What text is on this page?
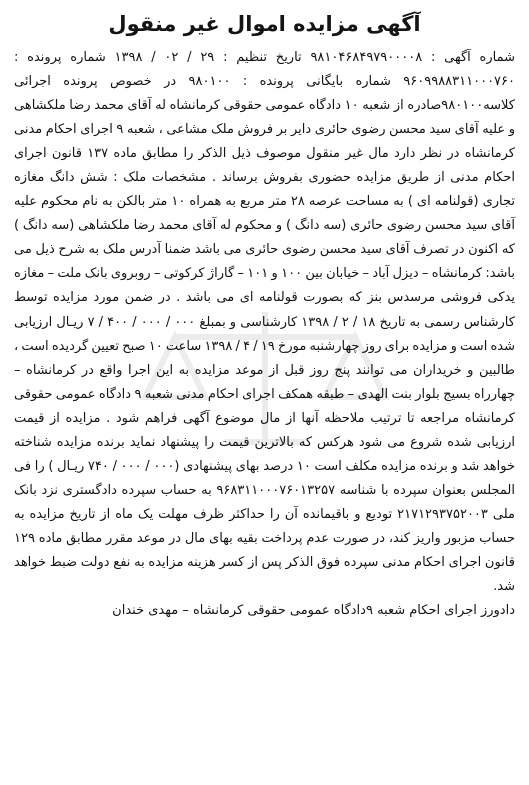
آگهی مزایده اموال غیر منقول
شماره آگهی : ۹۸۱۰۴۶۸۴۹۷۹۰۰۰۰۸ تاریخ تنظیم : ۲۹ / ۰۲ / ۱۳۹۸ شماره پرونده : ۹۶۰۹۹۸۸۳۱۱۰۰۰۷۶۰ شماره بایگانی پرونده : ۹۸۰۱۰۰ در خصوص پرونده اجرائی کلاسه۹۸۰۱۰۰صادره از شعبه ۱۰ دادگاه عمومی حقوقی کرمانشاه له آقای محمد رضا ملکشاهی و علیه آقای سید محسن رضوی حائری دایر بر فروش ملک مشاعی ، شعبه ۹ اجرای احکام مدنی کرمانشاه در نظر دارد مال غیر منقول موصوف ذیل الذکر را مطابق ماده ۱۳۷ قانون اجرای احکام مدنی از طریق مزایده حضوری بفروش برساند . مشخصات ملک : شش دانگ مغازه تجاری (قولنامه ای ) به مساحت عرصه ۲۸ متر مربع به همراه ۱۰ متر بالکن به نام محکوم علیه آقای سید محسن رضوی حائری (سه دانگ ) و محکوم له آقای محمد رضا ملکشاهی (سه دانگ ) که اکنون در تصرف آقای سید محسن رضوی حائری می باشد ضمنا آدرس ملک به شرح ذیل می باشد: کرمانشاه – دیزل آباد – خیابان بین ۱۰۰ و ۱۰۱ – گاراژ کرکوتی – روبروی بانک ملت – مغازه یدکی فروشی مرسدس بنز که بصورت قولنامه ای می باشد . در ضمن مورد مزایده توسط کارشناس رسمی به تاریخ ۱۸ / ۲ / ۱۳۹۸ کارشناسی و بمبلغ ۰۰۰ / ۰۰۰ / ۴۰۰ / ۷ ریـال ارزیابی شده است و مزایده برای روز چهارشنبه مورخ ۱۹ / ۴ / ۱۳۹۸ ساعت ۱۰ صبح تعیین گردیده است ، طالبین و خریداران می توانند پنج روز قبل از موعد مزایده به این اجرا واقع در کرمانشاه – چهارراه بسیج بلوار بنت الهدی – طبقه همکف اجرای احکام مدنی شعبه ۹ دادگاه عمومی حقوقی کرمانشاه مراجعه تا ترتیب ملاحظه آنها از مال موضوع آگهی فراهم شود . مزایده از قیمت ارزیابی شده شروع می شود هرکس که بالاترین قیمت را پیشنهاد نماید برنده مزایده شناخته خواهد شد و برنده مزایده مکلف است ۱۰ درصد بهای پیشنهادی (۰۰۰ / ۰۰۰ / ۷۴۰ ریـال ) را فی المجلس بعنوان سپرده با شناسه ۹۶۸۳۱۱۰۰۰۷۶۰۱۳۲۵۷ به حساب سپرده دادگستری نزد بانک ملی ۲۱۷۱۲۹۳۷۵۲۰۰۳ توديع و باقيمانده آن را حداکثر ظرف مهلت یک ماه از تاریخ مزایده به حساب مزبور واریز کند، در صورت عدم پرداخت بقیه بهای مال در موعد مقرر مطابق ماده ۱۲۹ قانون اجرای احکام مدنی سپرده فوق الذکر پس از کسر هزینه مزایده به نفع دولت ضبط خواهد شد.
دادورز اجرای احکام شعبه ۹دادگاه عمومی حقوقی کرمانشاه – مهدی خندان
